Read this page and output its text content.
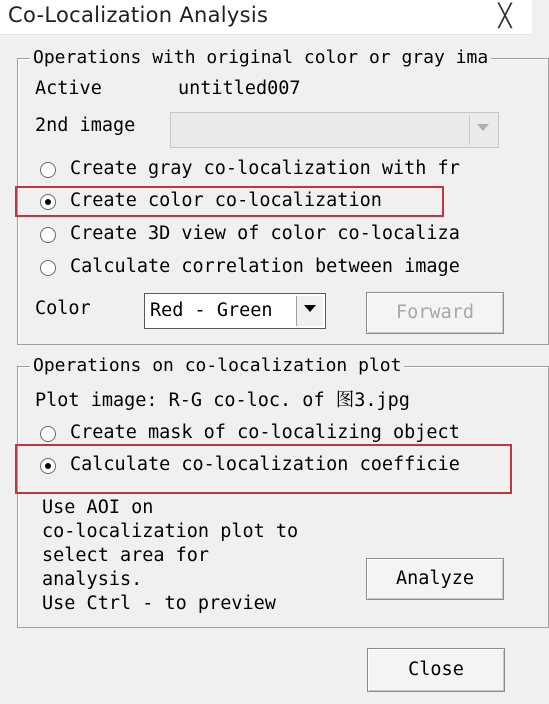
Co-Localization Analysis	╳
Operations with original color or gray ima
Active	untitled007
2nd image
Create gray co-localization with fr
Create color co-localization
Create 3D view of color co-localiza
Calculate correlation between image
Color	Red - Green	Forward
Operations on co-localization plot
Plot image: R-G co-loc. of 图3.jpg
Create mask of co-localizing object
Calculate co-localization coefficie
Use AOI on
co-localization plot to
select area for
analysis.
Use Ctrl - to preview
Analyze
Close
